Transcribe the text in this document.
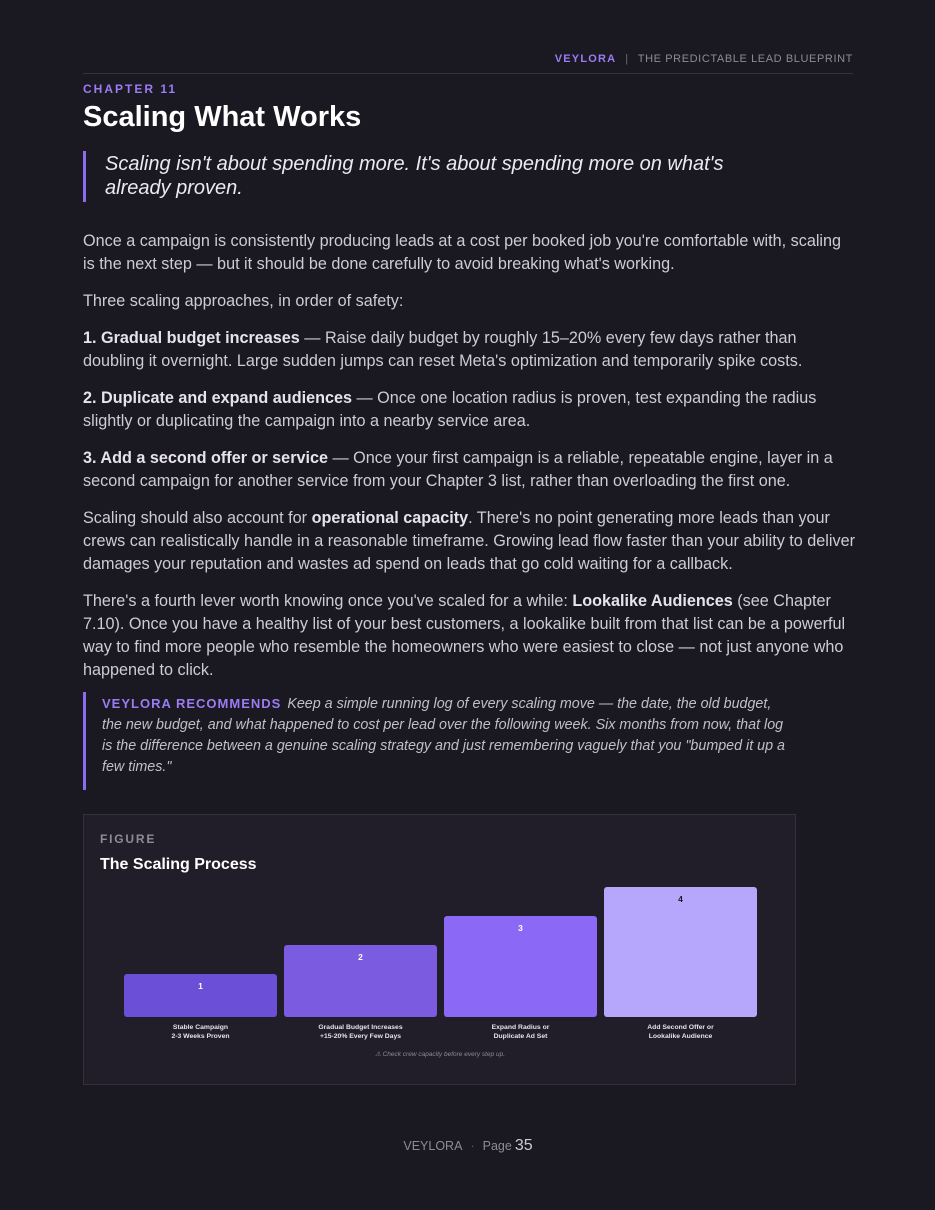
VEYLORA | THE PREDICTABLE LEAD BLUEPRINT
CHAPTER 11
Scaling What Works
Scaling isn't about spending more. It's about spending more on what's already proven.

Once a campaign is consistently producing leads at a cost per booked job you're comfortable with, scaling is the next step — but it should be done carefully to avoid breaking what's working.

Three scaling approaches, in order of safety:

1. Gradual budget increases — Raise daily budget by roughly 15–20% every few days rather than doubling it overnight. Large sudden jumps can reset Meta's optimization and temporarily spike costs.

2. Duplicate and expand audiences — Once one location radius is proven, test expanding the radius slightly or duplicating the campaign into a nearby service area.

3. Add a second offer or service — Once your first campaign is a reliable, repeatable engine, layer in a second campaign for another service from your Chapter 3 list, rather than overloading the first one.

Scaling should also account for operational capacity. There's no point generating more leads than your crews can realistically handle in a reasonable timeframe. Growing lead flow faster than your ability to deliver damages your reputation and wastes ad spend on leads that go cold waiting for a callback.

There's a fourth lever worth knowing once you've scaled for a while: Lookalike Audiences (see Chapter 7.10). Once you have a healthy list of your best customers, a lookalike built from that list can be a powerful way to find more people who resemble the homeowners who were easiest to close — not just anyone who happened to click.

VEYLORA RECOMMENDS Keep a simple running log of every scaling move — the date, the old budget, the new budget, and what happened to cost per lead over the following week. Six months from now, that log is the difference between a genuine scaling strategy and just remembering vaguely that you "bumped it up a few times."
FIGURE
The Scaling Process
1
Stable Campaign
2-3 Weeks Proven
2
Gradual Budget Increases
+15-20% Every Few Days
3
Expand Radius or
Duplicate Ad Set
4
Add Second Offer or
Lookalike Audience
⚠ Check crew capacity before every step up.
VEYLORA · Page 35
